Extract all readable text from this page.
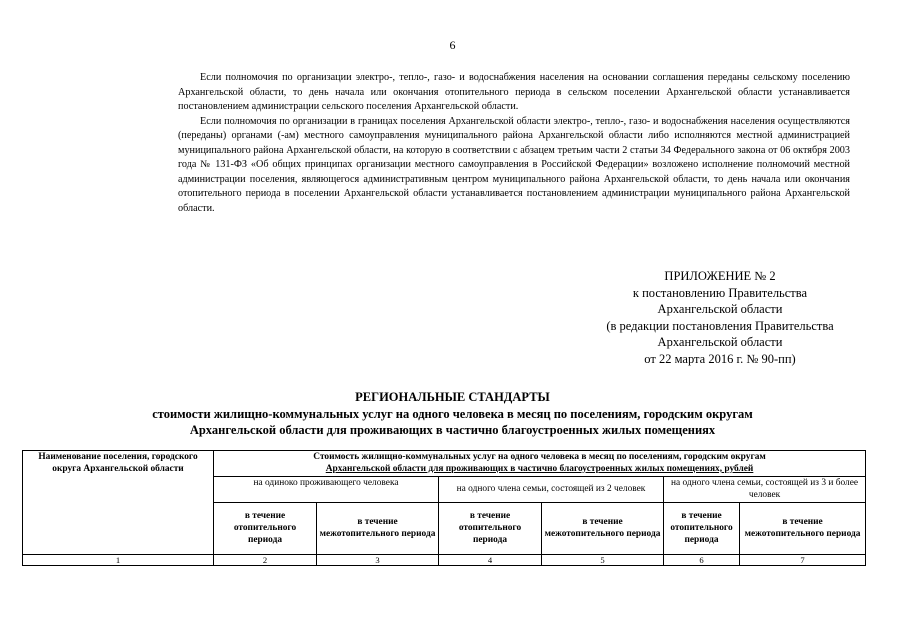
6

Если полномочия по организации электро-, тепло-, газо- и водоснабжения населения на основании соглашения переданы сельскому поселению Архангельской области, то день начала или окончания отопительного периода в сельском поселении Архангельской области устанавливается постановлением администрации сельского поселения Архангельской области.

Если полномочия по организации в границах поселения Архангельской области электро-, тепло-, газо- и водоснабжения населения осуществляются (переданы) органами (-ам) местного самоуправления муниципального района Архангельской области либо исполняются местной администрацией муниципального района Архангельской области, на которую в соответствии с абзацем третьим части 2 статьи 34 Федерального закона от 06 октября 2003 года № 131-ФЗ «Об общих принципах организации местного самоуправления в Российской Федерации» возложено исполнение полномочий местной администрации поселения, являющегося административным центром муниципального района Архангельской области, то день начала или окончания отопительного периода в поселении Архангельской области устанавливается постановлением администрации муниципального района Архангельской области.

ПРИЛОЖЕНИЕ № 2
к постановлению Правительства
Архангельской области
(в редакции постановления Правительства
Архангельской области
от 22 марта 2016 г. № 90-пп)
РЕГИОНАЛЬНЫЕ СТАНДАРТЫ
стоимости жилищно-коммунальных услуг на одного человека в месяц по поселениям, городским округам
Архангельской области для проживающих в частично благоустроенных жилых помещениях
Наименование поселения, городского округа Архангельской области	Стоимость жилищно-коммунальных услуг на одного человека в месяц по поселениям, городским округам
Архангельской области для проживающих в частично благоустроенных жилых помещениях, рублей					

	на одиноко проживающего человека		на одного члена семьи, состоящей из 2 человек		на одного члена семьи, состоящей из 3 и более человек	
	в течение отопительного периода	в течение межотопительного периода	в течение отопительного периода	в течение межотопительного периода	в течение отопительного периода	в течение межотопительного периода
1	2	3	4	5	6	7
